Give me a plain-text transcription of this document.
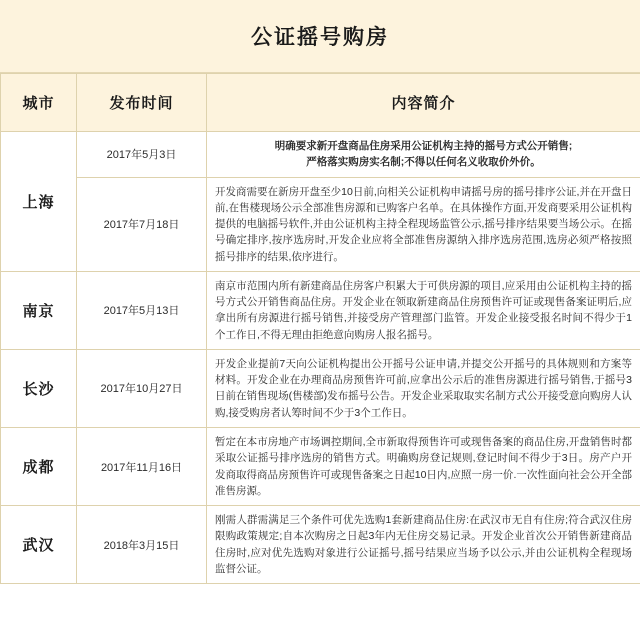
公证摇号购房
城市	发布时间	内容简介
上海	2017年5月3日	明确要求新开盘商品住房采用公证机构主持的摇号方式公开销售;
严格落实购房实名制;不得以任何名义收取价外价。

	2017年7月18日	开发商需要在新房开盘至少10日前,向相关公证机构申请摇号房的摇号排序公证,并在开盘日前,在售楼现场公示全部准售房源和已购客户名单。在具体操作方面,开发商要采用公证机构提供的电脑摇号软件,并由公证机构主持全程现场监管公示,摇号排序结果要当场公示。在摇号确定排序,按序选房时,开发企业应将全部准售房源纳入排序选房范围,选房必须严格按照摇号排序的结果,依序进行。
南京	2017年5月13日	南京市范围内所有新建商品住房客户积累大于可供房源的项目,应采用由公证机构主持的摇号方式公开销售商品住房。开发企业在领取新建商品住房预售许可证或现售备案证明后,应拿出所有房源进行摇号销售,并接受房产管理部门监管。开发企业接受报名时间不得少于1个工作日,不得无理由拒绝意向购房人报名摇号。
长沙	2017年10月27日	开发企业提前7天向公证机构提出公开摇号公证申请,并提交公开摇号的具体规则和方案等材料。开发企业在办理商品房预售许可前,应拿出公示后的准售房源进行摇号销售,于摇号3日前在销售现场(售楼部)发布摇号公告。开发企业采取取实名制方式公开接受意向购房人认购,接受购房者认筹时间不少于3个工作日。
成都	2017年11月16日	暂定在本市房地产市场调控期间,全市新取得预售许可或现售备案的商品住房,开盘销售时都采取公证摇号排序选房的销售方式。明确购房登记规则,登记时间不得少于3日。房产户开发商取得商品房预售许可或现售备案之日起10日内,应照一房一价.一次性面向社会公开全部准售房源。
武汉	2018年3月15日	刚需人群需满足三个条件可优先选购1套新建商品住房:在武汉市无自有住房;符合武汉住房限购政策规定;自本次购房之日起3年内无住房交易记录。开发企业首次公开销售新建商品住房时,应对优先选购对象进行公证摇号,摇号结果应当场予以公示,并由公证机构全程现场监督公证。
